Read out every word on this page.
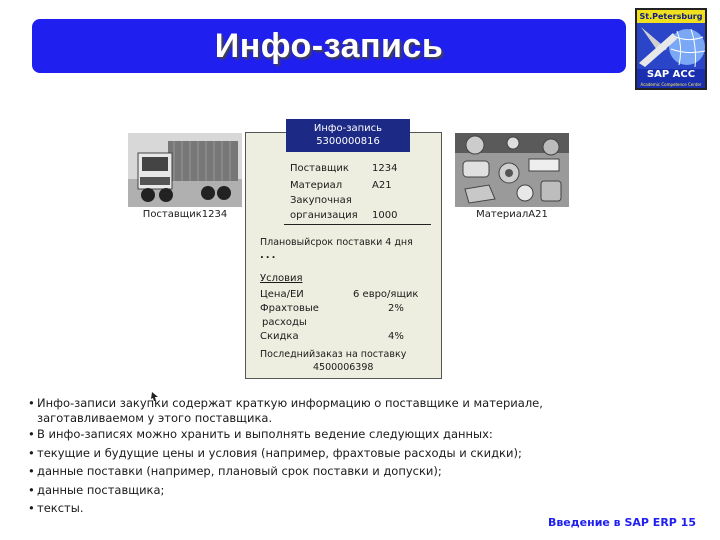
Инфо-запись
St.Petersburg
SAP ACC
Academic Competence Center
Поставщик1234	МатериалА21
Инфо-запись
5300000816
Поставщик 1234
Материал	А21
Закупочная
организация 1000
Плановыйсрок поставки 4 дня
...
Условия
Цена/ЕИ	6 евро/ящик
Фрахтовые
расходы
2%
Скидка	4%
Последнийзаказ на поставку
4500006398
• Инфо-записи закупки содержат краткую информацию о поставщике и материале,
заготавливаемом у этого поставщика.
• В инфо-записях можно хранить и выполнять ведение следующих данных:
• текущие и будущие цены и условия (например, фрахтовые расходы и скидки);
• данные поставки (например, плановый срок поставки и допуски);
• данные поставщика;
• тексты.
Введение в SAP ERP 15
